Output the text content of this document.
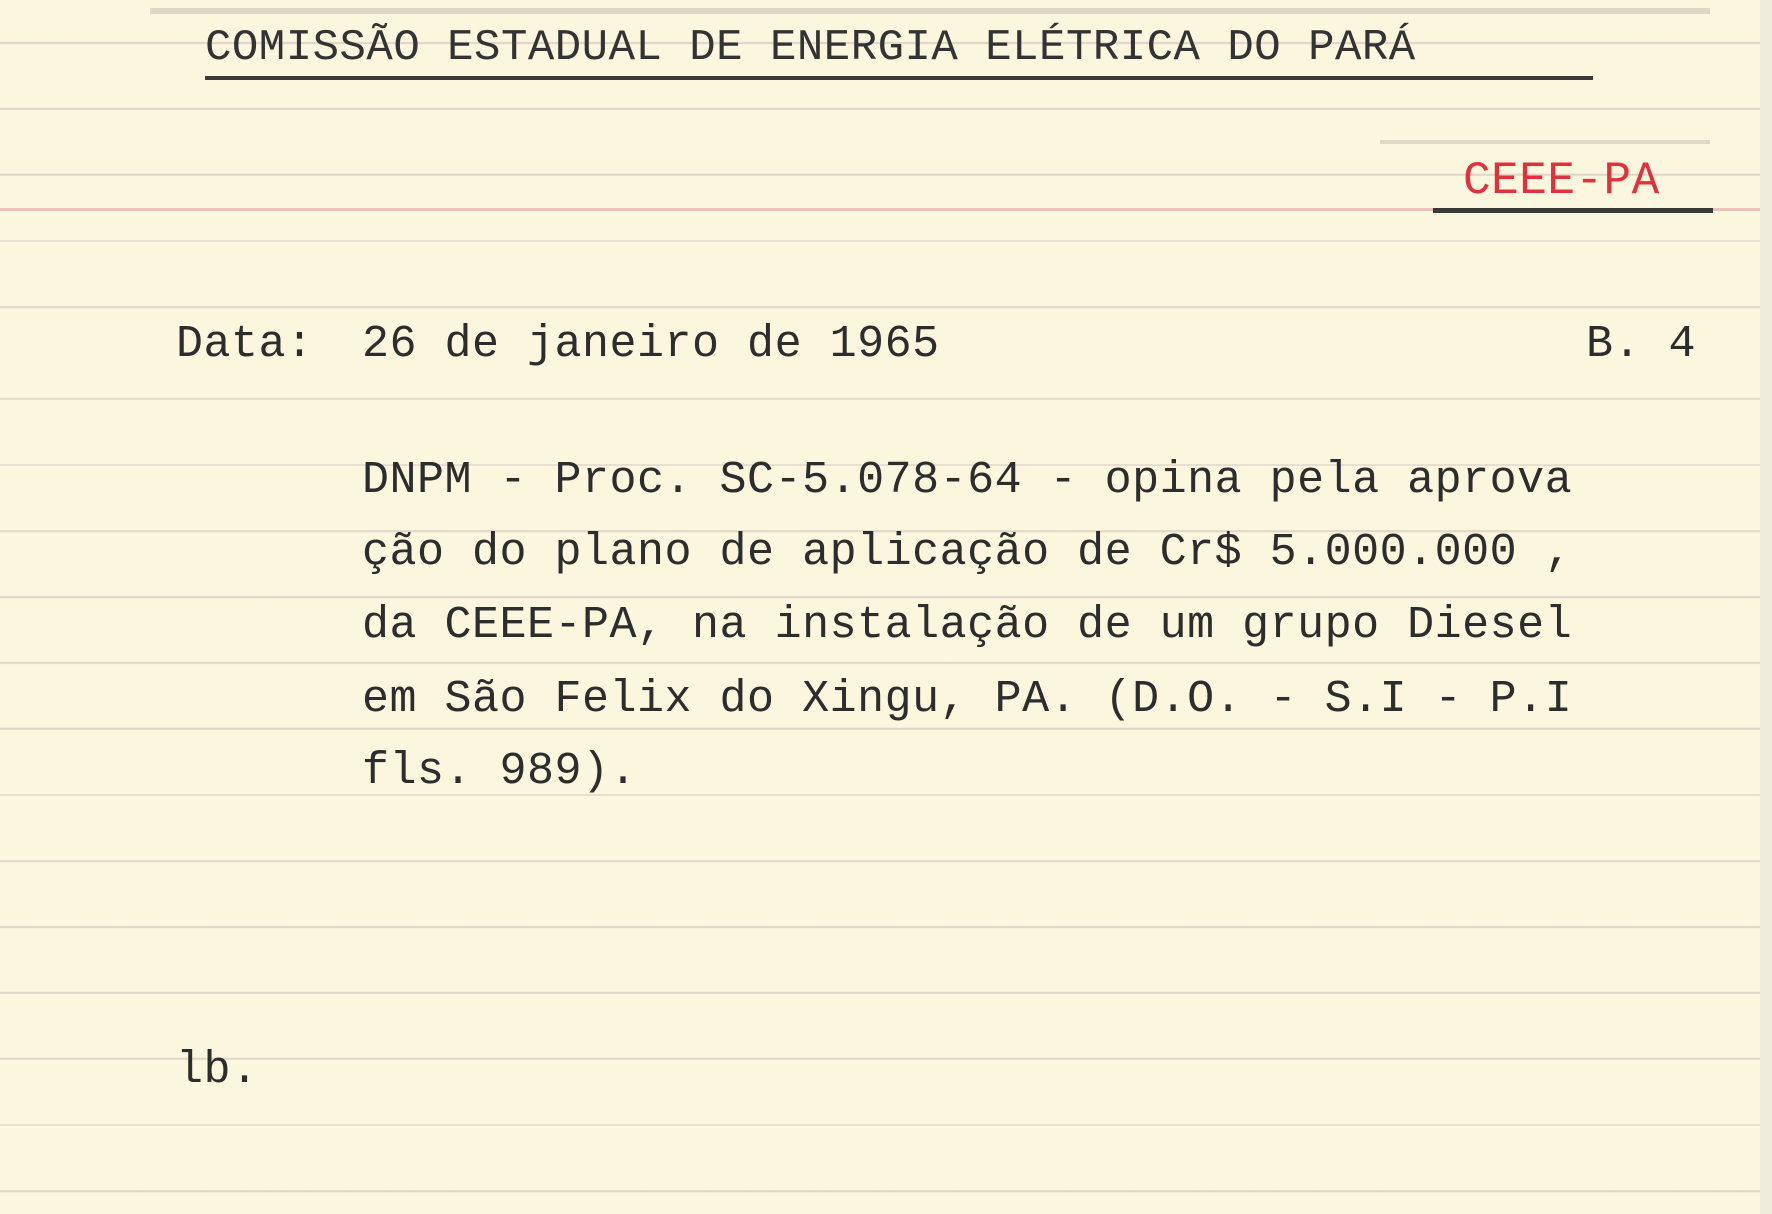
COMISSÃO ESTADUAL DE ENERGIA ELÉTRICA DO PARÁ
CEEE-PA
Data: 26 de janeiro de 1965	B. 4
DNPM - Proc. SC-5.078-64 - opina pela aprova
ção do plano de aplicação de Cr$ 5.000.000 ,
da CEEE-PA, na instalação de um grupo Diesel
em São Felix do Xingu, PA. (D.O. - S.I - P.I
fls. 989).
lb.
